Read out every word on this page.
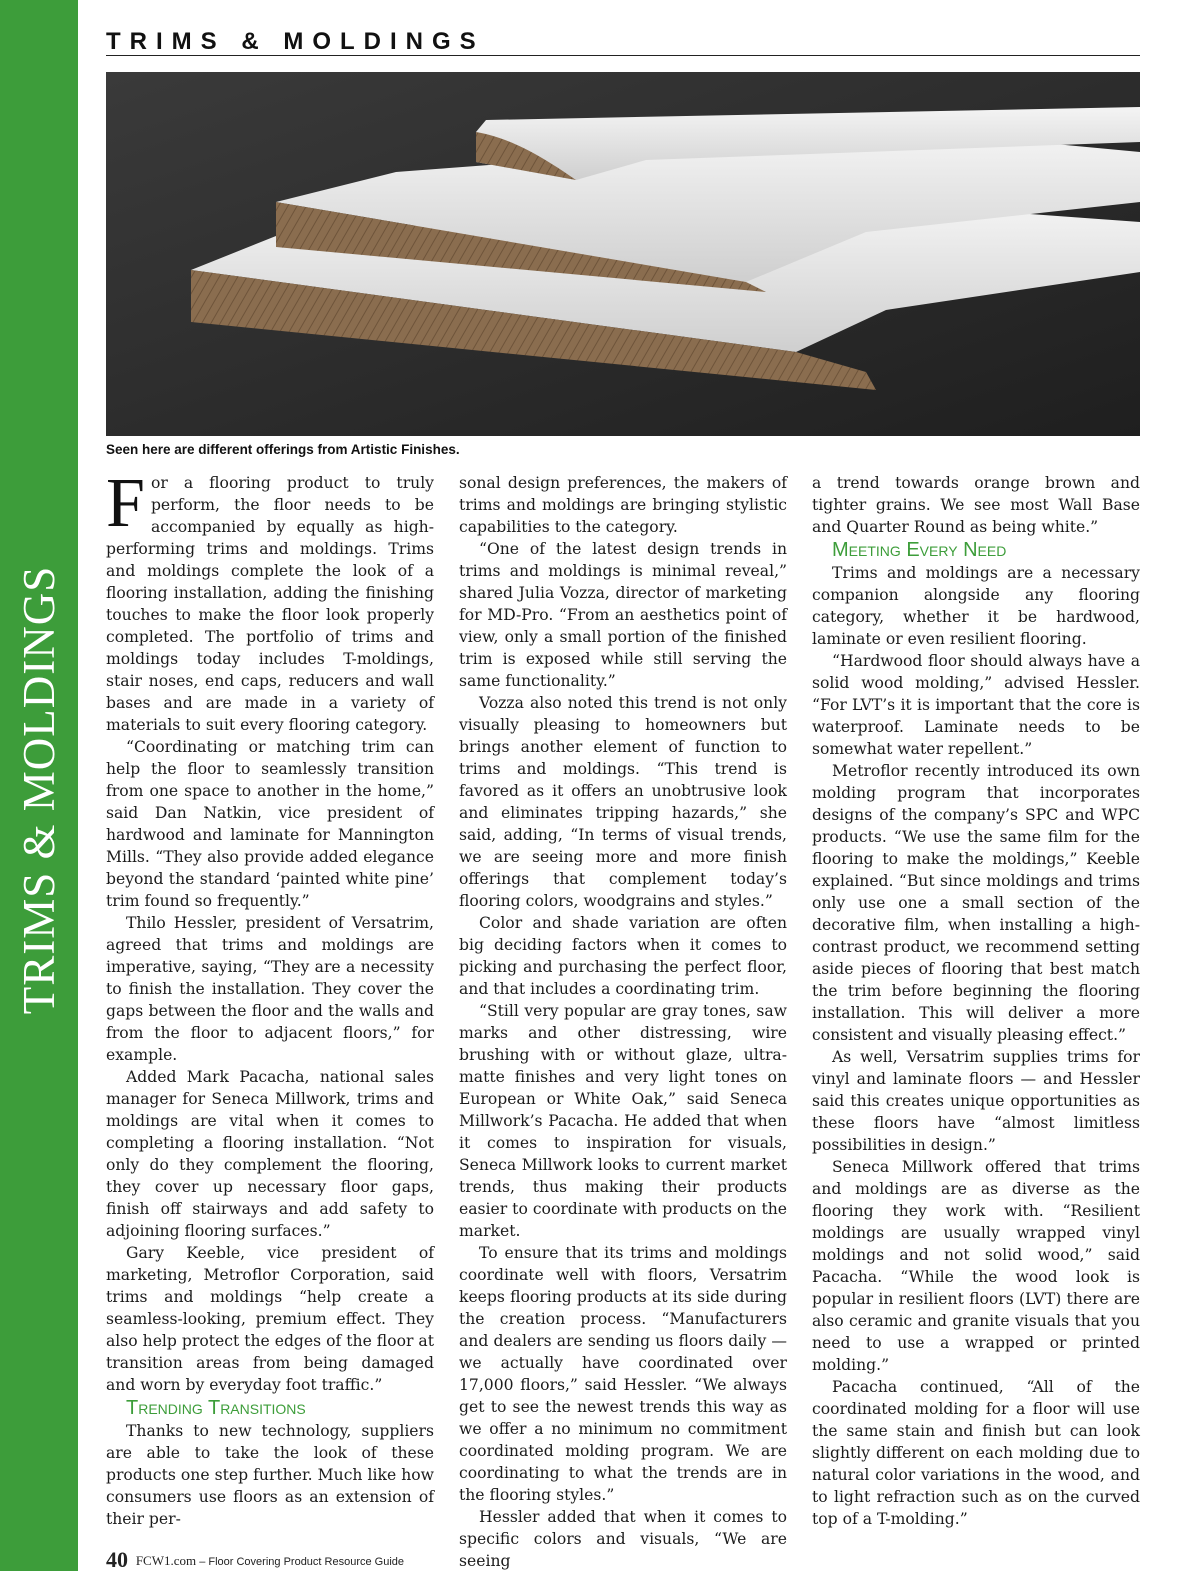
TRIMS & MOLDINGS
TRIMS & MOLDINGS
Seen here are different offerings from Artistic Finishes.

For a flooring product to truly perform, the floor needs to be accompanied by equally as high-performing trims and moldings. Trims and moldings complete the look of a flooring installation, adding the finishing touches to make the floor look properly completed. The portfolio of trims and moldings today includes T-moldings, stair noses, end caps, reducers and wall bases and are made in a variety of materials to suit every flooring category.

“Coordinating or matching trim can help the floor to seamlessly transition from one space to another in the home,” said Dan Natkin, vice president of hardwood and laminate for Mannington Mills. “They also provide added elegance beyond the standard ‘painted white pine’ trim found so frequently.”

Thilo Hessler, president of Versatrim, agreed that trims and moldings are imperative, saying, “They are a necessity to finish the installation. They cover the gaps between the floor and the walls and from the floor to adjacent floors,” for example.

Added Mark Pacacha, national sales manager for Seneca Millwork, trims and moldings are vital when it comes to completing a flooring installation. “Not only do they complement the flooring, they cover up necessary floor gaps, finish off stairways and add safety to adjoining flooring surfaces.”

Gary Keeble, vice president of marketing, Metroflor Corporation, said trims and moldings “help create a seamless-looking, premium effect. They also help protect the edges of the floor at transition areas from being damaged and worn by everyday foot traffic.”

Trending Transitions

Thanks to new technology, suppliers are able to take the look of these products one step further. Much like how consumers use floors as an extension of their per-

sonal design preferences, the makers of trims and moldings are bringing stylistic capabilities to the category.

“One of the latest design trends in trims and moldings is minimal reveal,” shared Julia Vozza, director of marketing for MD-Pro. “From an aesthetics point of view, only a small portion of the finished trim is exposed while still serving the same functionality.”

Vozza also noted this trend is not only visually pleasing to homeowners but brings another element of function to trims and moldings. “This trend is favored as it offers an unobtrusive look and eliminates tripping hazards,” she said, adding, “In terms of visual trends, we are seeing more and more finish offerings that complement today’s flooring colors, woodgrains and styles.”

Color and shade variation are often big deciding factors when it comes to picking and purchasing the perfect floor, and that includes a coordinating trim.

“Still very popular are gray tones, saw marks and other distressing, wire brushing with or without glaze, ultra-matte finishes and very light tones on European or White Oak,” said Seneca Millwork’s Pacacha. He added that when it comes to inspiration for visuals, Seneca Millwork looks to current market trends, thus making their products easier to coordinate with products on the market.

To ensure that its trims and moldings coordinate well with floors, Versatrim keeps flooring products at its side during the creation process. “Manufacturers and dealers are sending us floors daily — we actually have coordinated over 17,000 floors,” said Hessler. “We always get to see the newest trends this way as we offer a no minimum no commitment coordinated molding program. We are coordinating to what the trends are in the flooring styles.”

Hessler added that when it comes to specific colors and visuals, “We are seeing

a trend towards orange brown and tighter grains. We see most Wall Base and Quarter Round as being white.”

Meeting Every Need

Trims and moldings are a necessary companion alongside any flooring category, whether it be hardwood, laminate or even resilient flooring.

“Hardwood floor should always have a solid wood molding,” advised Hessler. “For LVT’s it is important that the core is waterproof. Laminate needs to be somewhat water repellent.”

Metroflor recently introduced its own molding program that incorporates designs of the company’s SPC and WPC products. “We use the same film for the flooring to make the moldings,” Keeble explained. “But since moldings and trims only use one a small section of the decorative film, when installing a high-contrast product, we recommend setting aside pieces of flooring that best match the trim before beginning the flooring installation. This will deliver a more consistent and visually pleasing effect.”

As well, Versatrim supplies trims for vinyl and laminate floors — and Hessler said this creates unique opportunities as these floors have “almost limitless possibilities in design.”

Seneca Millwork offered that trims and moldings are as diverse as the flooring they work with. “Resilient moldings are usually wrapped vinyl moldings and not solid wood,” said Pacacha. “While the wood look is popular in resilient floors (LVT) there are also ceramic and granite visuals that you need to use a wrapped or printed molding.”

Pacacha continued, “All of the coordinated molding for a floor will use the same stain and finish but can look slightly different on each molding due to natural color variations in the wood, and to light refraction such as on the curved top of a T-molding.”

40 FCW1.com – Floor Covering Product Resource Guide
